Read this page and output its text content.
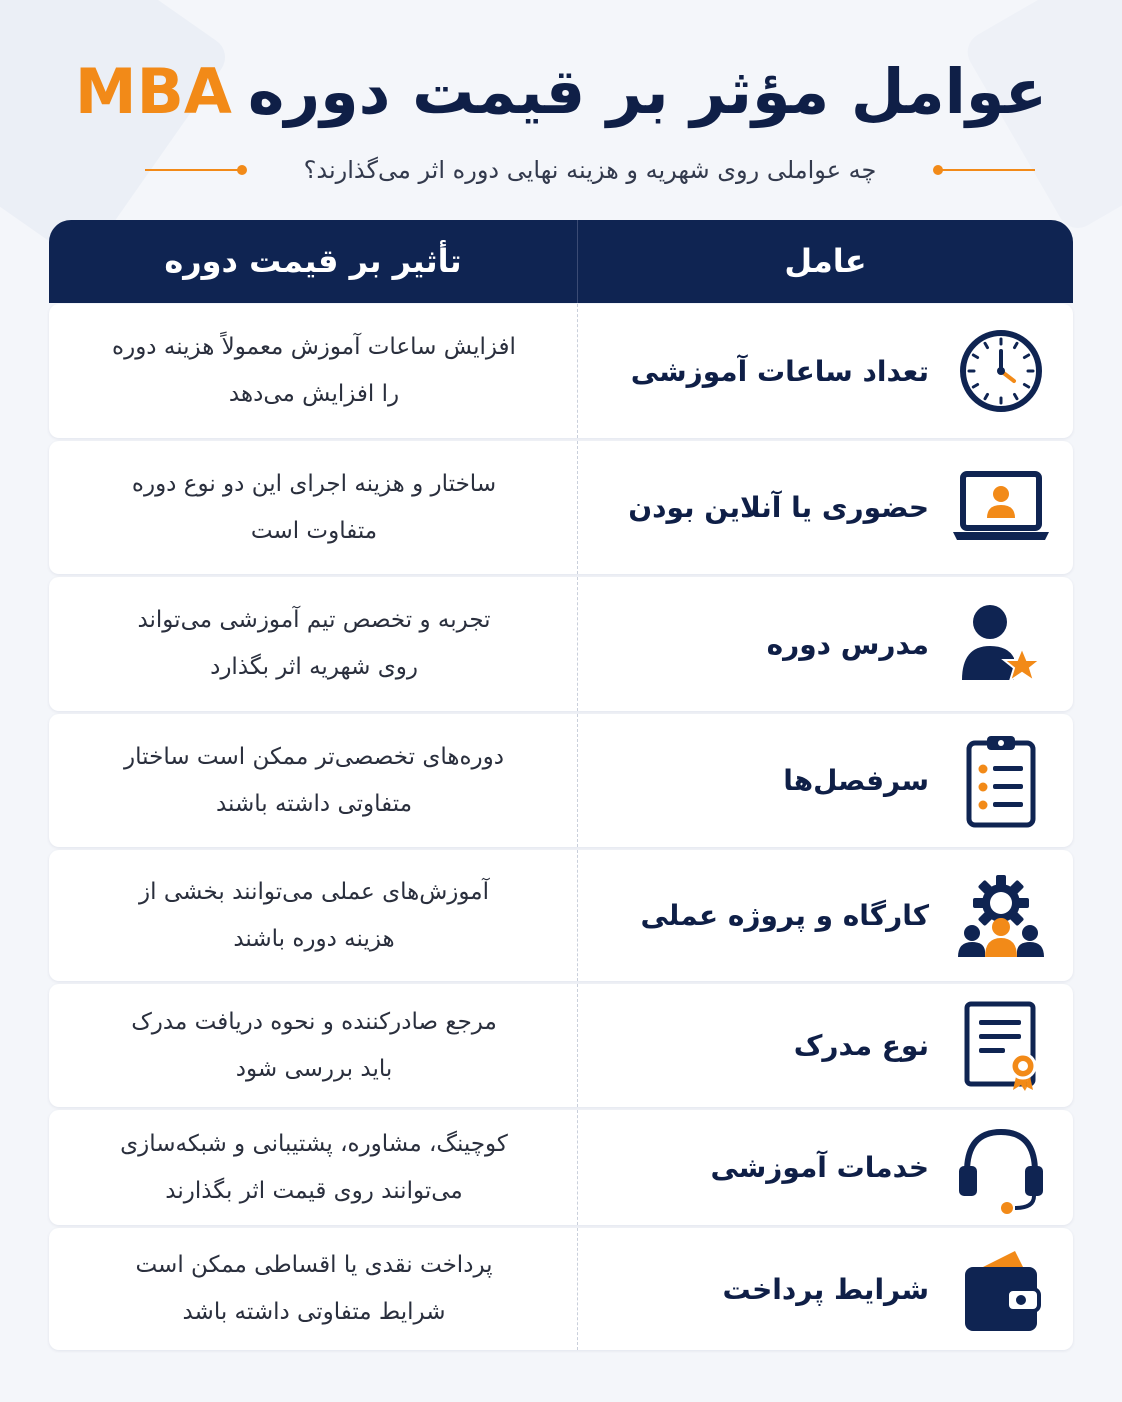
عوامل مؤثر بر قیمت دورهMBA
چه عواملی روی شهریه و هزینه نهایی دوره اثر می‌گذارند؟
تأثیر بر قیمت دوره	عامل
افزایش ساعات آموزش معمولاً هزینه دوره
را افزایش می‌دهد
تعداد ساعات آموزشی
ساختار و هزینه اجرای این دو نوع دوره
متفاوت است
حضوری یا آنلاین بودن
تجربه و تخصص تیم آموزشی می‌تواند
روی شهریه اثر بگذارد
مدرس دوره
دوره‌های تخصصی‌تر ممکن است ساختار
متفاوتی داشته باشند
سرفصل‌ها
آموزش‌های عملی می‌توانند بخشی از
هزینه دوره باشند
کارگاه و پروژه عملی
مرجع صادرکننده و نحوه دریافت مدرک
باید بررسی شود
نوع مدرک
کوچینگ، مشاوره، پشتیبانی و شبکه‌سازی
می‌توانند روی قیمت اثر بگذارند
خدمات آموزشی
پرداخت نقدی یا اقساطی ممکن است
شرایط متفاوتی داشته باشد
شرایط پرداخت
